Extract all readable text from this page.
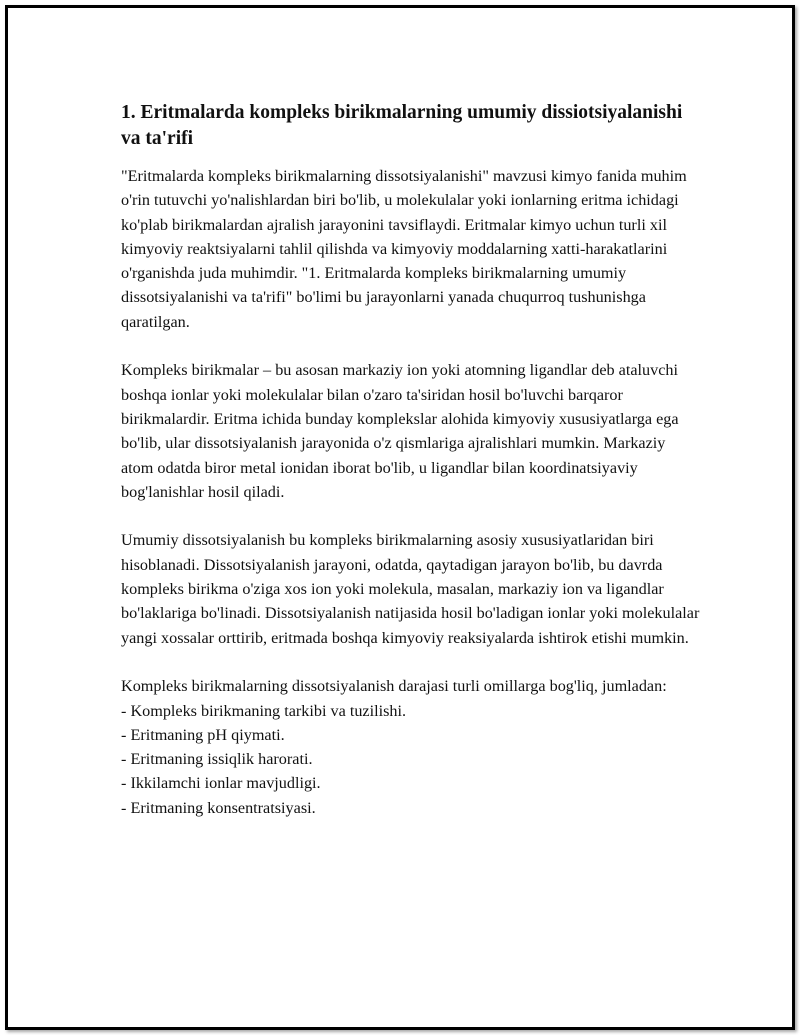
1. Eritmalarda kompleks birikmalarning umumiy dissiotsiyalanishi va ta'rifi

"Eritmalarda kompleks birikmalarning dissotsiyalanishi" mavzusi kimyo fanida muhim o'rin tutuvchi yo'nalishlardan biri bo'lib, u molekulalar yoki ionlarning eritma ichidagi ko'plab birikmalardan ajralish jarayonini tavsiflaydi. Eritmalar kimyo uchun turli xil kimyoviy reaktsiyalarni tahlil qilishda va kimyoviy moddalarning xatti-harakatlarini o'rganishda juda muhimdir. "1. Eritmalarda kompleks birikmalarning umumiy dissotsiyalanishi va ta'rifi" bo'limi bu jarayonlarni yanada chuqurroq tushunishga qaratilgan.

Kompleks birikmalar – bu asosan markaziy ion yoki atomning ligandlar deb ataluvchi boshqa ionlar yoki molekulalar bilan o'zaro ta'siridan hosil bo'luvchi barqaror birikmalardir. Eritma ichida bunday komplekslar alohida kimyoviy xususiyatlarga ega bo'lib, ular dissotsiyalanish jarayonida o'z qismlariga ajralishlari mumkin. Markaziy atom odatda biror metal ionidan iborat bo'lib, u ligandlar bilan koordinatsiyaviy bog'lanishlar hosil qiladi.

Umumiy dissotsiyalanish bu kompleks birikmalarning asosiy xususiyatlaridan biri hisoblanadi. Dissotsiyalanish jarayoni, odatda, qaytadigan jarayon bo'lib, bu davrda kompleks birikma o'ziga xos ion yoki molekula, masalan, markaziy ion va ligandlar bo'laklariga bo'linadi. Dissotsiyalanish natijasida hosil bo'ladigan ionlar yoki molekulalar yangi xossalar orttirib, eritmada boshqa kimyoviy reaksiyalarda ishtirok etishi mumkin.

Kompleks birikmalarning dissotsiyalanish darajasi turli omillarga bog'liq, jumladan:

- Kompleks birikmaning tarkibi va tuzilishi.
- Eritmaning pH qiymati.
- Eritmaning issiqlik harorati.
- Ikkilamchi ionlar mavjudligi.
- Eritmaning konsentratsiyasi.
